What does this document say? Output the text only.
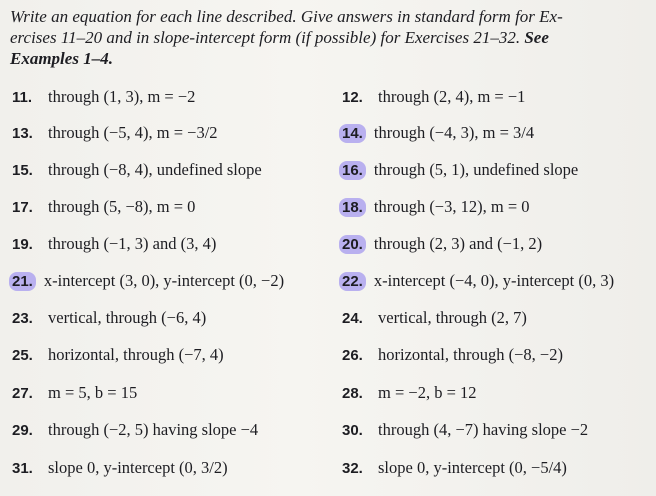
Write an equation for each line described. Give answers in standard form for Ex-
ercises 11–20 and in slope-intercept form (if possible) for Exercises 21–32. See
Examples 1–4.
11. through (1, 3), m = −2	12. through (2, 4), m = −1
13. through (−5, 4), m = −3/2	14. through (−4, 3), m = 3/4
15. through (−8, 4), undefined slope	16. through (5, 1), undefined slope
17. through (5, −8), m = 0	18. through (−3, 12), m = 0
19. through (−1, 3) and (3, 4)	20. through (2, 3) and (−1, 2)
21. x-intercept (3, 0), y-intercept (0, −2)	22. x-intercept (−4, 0), y-intercept (0, 3)
23. vertical, through (−6, 4)	24. vertical, through (2, 7)
25. horizontal, through (−7, 4)	26. horizontal, through (−8, −2)
27. m = 5, b = 15	28. m = −2, b = 12
29. through (−2, 5) having slope −4	30. through (4, −7) having slope −2
31. slope 0, y-intercept (0, 3/2)	32. slope 0, y-intercept (0, −5/4)
